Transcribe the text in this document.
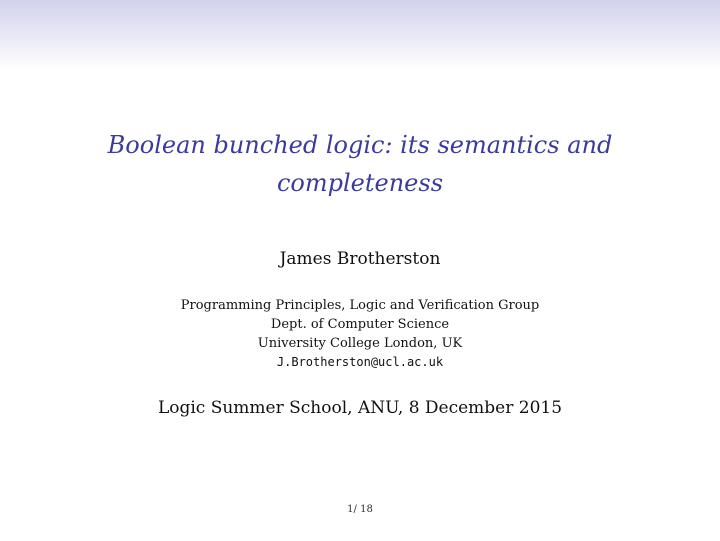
Boolean bunched logic: its semantics and completeness
James Brotherston
Programming Principles, Logic and Verification Group
Dept. of Computer Science
University College London, UK
J.Brotherston@ucl.ac.uk
Logic Summer School, ANU, 8 December 2015
1/ 18
